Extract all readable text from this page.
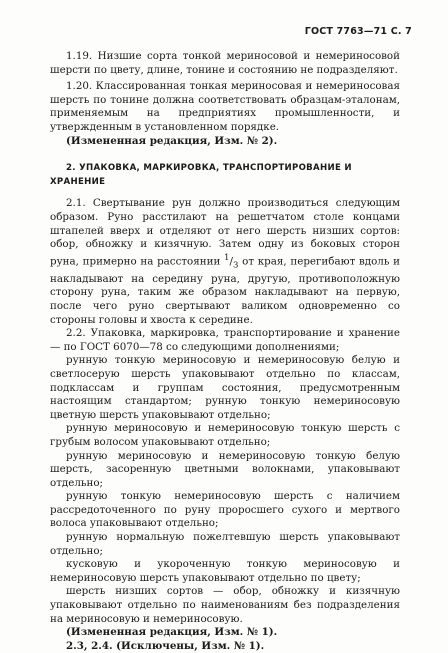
ГОСТ 7763—71 С. 7

1.19. Низшие сорта тонкой мериносовой и немериносовой шерсти по цвету, длине, тонине и состоянию не подразделяют.

1.20. Классированная тонкая мериносовая и немериносовая шерсть по тонине должна соответствовать образцам-эталонам, применяемым на предприятиях промышленности, и утвержденным в установленном порядке.

(Измененная редакция, Изм. № 2).

2. УПАКОВКА, МАРКИРОВКА, ТРАНСПОРТИРОВАНИЕ И ХРАНЕНИЕ

2.1. Свертывание рун должно производиться следующим образом. Руно расстилают на решетчатом столе концами штапелей вверх и отделяют от него шерсть низших сортов: обор, обножку и кизячную. Затем одну из боковых сторон руна, примерно на расстоянии $^1/_3$ от края, перегибают вдоль и накладывают на середину руна, другую, противоположную сторону руна, таким же образом накладывают на первую, после чего руно свертывают валиком одновременно со стороны головы и хвоста к середине.

2.2. Упаковка, маркировка, транспортирование и хранение — по ГОСТ 6070—78 со следующими дополнениями;

рунную тонкую мериносовую и немериносовую белую и светлосерую шерсть упаковывают отдельно по классам, подклассам и группам состояния, предусмотренным настоящим стандартом; рунную тонкую немериносовую цветную шерсть упаковывают отдельно;

рунную мериносовую и немериносовую тонкую шерсть с грубым волосом упаковывают отдельно;

рунную мериносовую и немериносовую тонкую белую шерсть, засоренную цветными волокнами, упаковывают отдельно;

рунную тонкую немериносовую шерсть с наличием рассредоточенного по руну проросшего сухого и мертвого волоса упаковывают отдельно;

рунную нормальную пожелтевшую шерсть упаковывают отдельно;

кусковую и укороченную тонкую мериносовую и немериносовую шерсть упаковывают отдельно по цвету;

шерсть низших сортов — обор, обножку и кизячную упаковывают отдельно по наименованиям без подразделения на мериносовую и немериносовую.

(Измененная редакция, Изм. № 1).

2.3, 2.4. (Исключены, Изм. № 1).
